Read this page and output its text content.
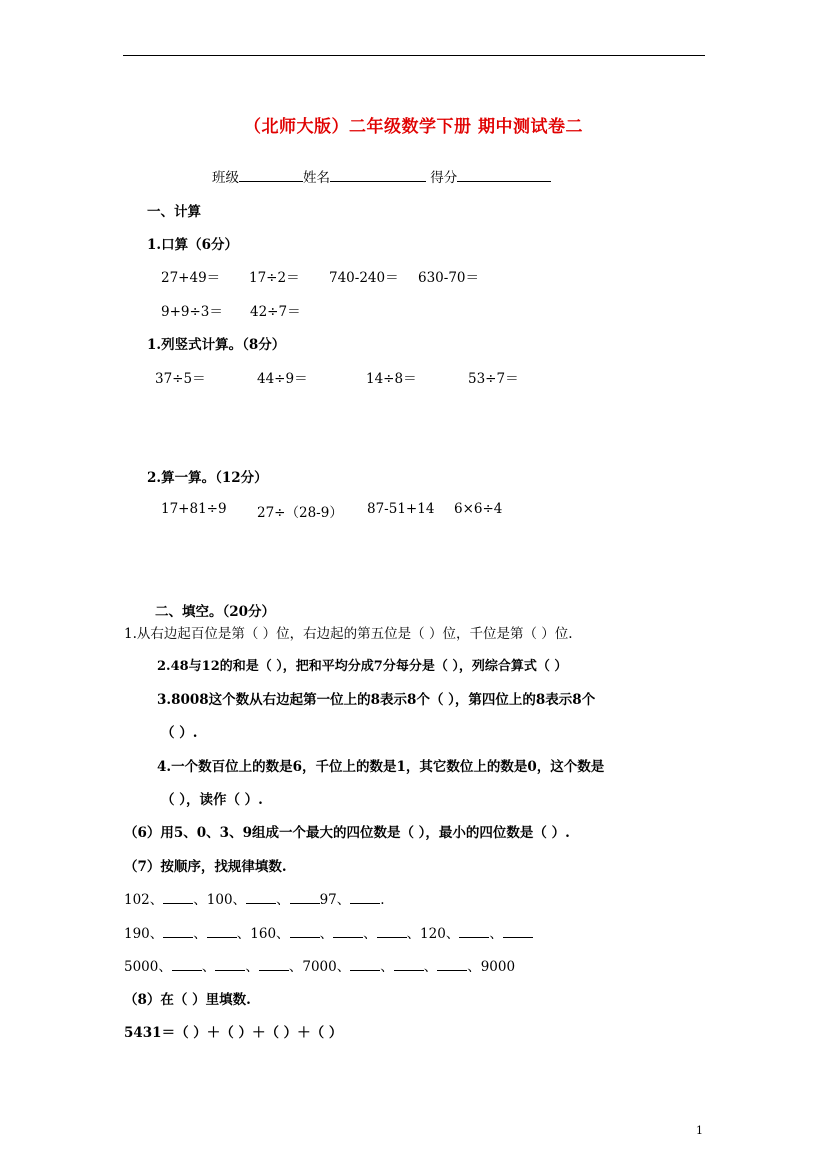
（北师大版）二年级数学下册 期中测试卷二
班级	姓名	得分
一、计算
1.口算（6分）
27+49＝ 17÷2＝ 740-240＝ 630-70＝
9+9÷3＝ 42÷7＝
1.列竖式计算。（8分）
37÷5＝	44÷9＝	14÷8＝	53÷7＝
2.算一算。（12分）
17+81÷9 27÷（28-9） 87-51+14 6×6÷4
二、填空。（20分）
1.从右边起百位是第（ ）位，右边起的第五位是（ ）位，千位是第（ ）位.
2.48与12的和是（ ），把和平均分成7分每分是（ ），列综合算式（ ）
3.8008这个数从右边起第一位上的8表示8个（ ），第四位上的8表示8个
（ ）.
4.一个数百位上的数是6，千位上的数是1，其它数位上的数是0，这个数是
（ ），读作（ ）.
（6）用5、0、3、9组成一个最大的四位数是（ ），最小的四位数是（ ）.
（7）按顺序，找规律填数.
102、 、100、 、 97、 .
190、 、 、160、 、 、 、120、 、
5000、 、 、 、7000、 、 、 、9000
（8）在（ ）里填数.
5431＝（ ）＋（ ）＋（ ）＋（ ）
1
